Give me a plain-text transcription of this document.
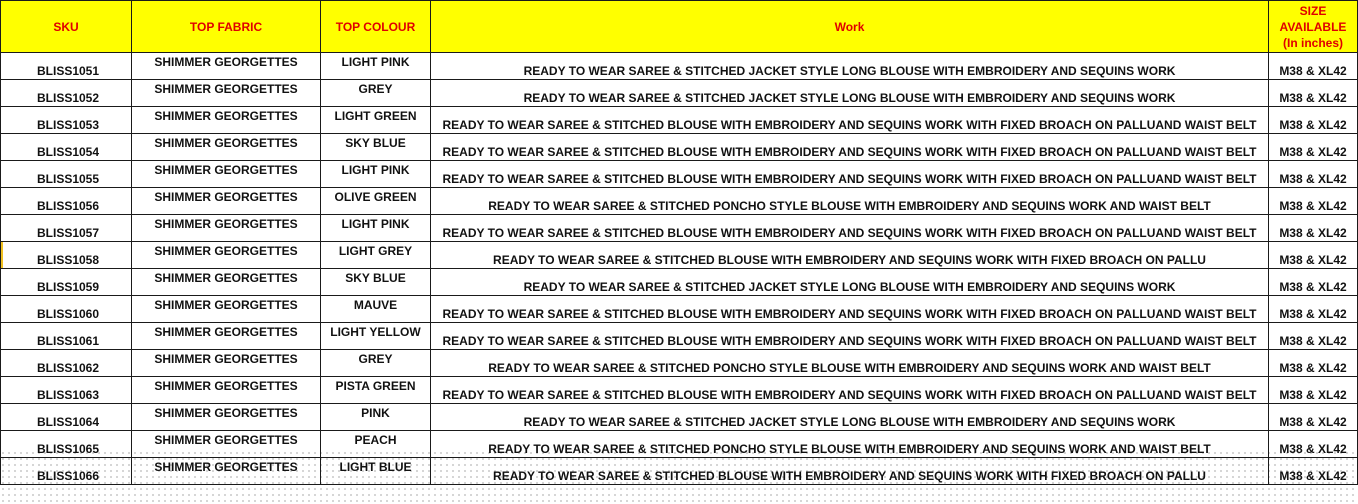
SKU	TOP FABRIC	TOP COLOUR	Work	SIZE
AVAILABLE
(In inches)

BLISS1051	SHIMMER GEORGETTES	LIGHT PINK	READY TO WEAR SAREE & STITCHED JACKET STYLE LONG BLOUSE WITH EMBROIDERY AND SEQUINS WORK	M38 & XL42
BLISS1052	SHIMMER GEORGETTES	GREY	READY TO WEAR SAREE & STITCHED JACKET STYLE LONG BLOUSE WITH EMBROIDERY AND SEQUINS WORK	M38 & XL42
BLISS1053	SHIMMER GEORGETTES	LIGHT GREEN	READY TO WEAR SAREE & STITCHED BLOUSE WITH EMBROIDERY AND SEQUINS WORK WITH FIXED BROACH ON PALLUAND WAIST BELT	M38 & XL42
BLISS1054	SHIMMER GEORGETTES	SKY BLUE	READY TO WEAR SAREE & STITCHED BLOUSE WITH EMBROIDERY AND SEQUINS WORK WITH FIXED BROACH ON PALLUAND WAIST BELT	M38 & XL42
BLISS1055	SHIMMER GEORGETTES	LIGHT PINK	READY TO WEAR SAREE & STITCHED BLOUSE WITH EMBROIDERY AND SEQUINS WORK WITH FIXED BROACH ON PALLUAND WAIST BELT	M38 & XL42
BLISS1056	SHIMMER GEORGETTES	OLIVE GREEN	READY TO WEAR SAREE & STITCHED PONCHO STYLE BLOUSE WITH EMBROIDERY AND SEQUINS WORK AND WAIST BELT	M38 & XL42
BLISS1057	SHIMMER GEORGETTES	LIGHT PINK	READY TO WEAR SAREE & STITCHED BLOUSE WITH EMBROIDERY AND SEQUINS WORK WITH FIXED BROACH ON PALLUAND WAIST BELT	M38 & XL42
BLISS1058	SHIMMER GEORGETTES	LIGHT GREY	READY TO WEAR SAREE & STITCHED BLOUSE WITH EMBROIDERY AND SEQUINS WORK WITH FIXED BROACH ON PALLU	M38 & XL42
BLISS1059	SHIMMER GEORGETTES	SKY BLUE	READY TO WEAR SAREE & STITCHED JACKET STYLE LONG BLOUSE WITH EMBROIDERY AND SEQUINS WORK	M38 & XL42
BLISS1060	SHIMMER GEORGETTES	MAUVE	READY TO WEAR SAREE & STITCHED BLOUSE WITH EMBROIDERY AND SEQUINS WORK WITH FIXED BROACH ON PALLUAND WAIST BELT	M38 & XL42
BLISS1061	SHIMMER GEORGETTES	LIGHT YELLOW	READY TO WEAR SAREE & STITCHED BLOUSE WITH EMBROIDERY AND SEQUINS WORK WITH FIXED BROACH ON PALLUAND WAIST BELT	M38 & XL42
BLISS1062	SHIMMER GEORGETTES	GREY	READY TO WEAR SAREE & STITCHED PONCHO STYLE BLOUSE WITH EMBROIDERY AND SEQUINS WORK AND WAIST BELT	M38 & XL42
BLISS1063	SHIMMER GEORGETTES	PISTA GREEN	READY TO WEAR SAREE & STITCHED BLOUSE WITH EMBROIDERY AND SEQUINS WORK WITH FIXED BROACH ON PALLUAND WAIST BELT	M38 & XL42
BLISS1064	SHIMMER GEORGETTES	PINK	READY TO WEAR SAREE & STITCHED JACKET STYLE LONG BLOUSE WITH EMBROIDERY AND SEQUINS WORK	M38 & XL42
BLISS1065	SHIMMER GEORGETTES	PEACH	READY TO WEAR SAREE & STITCHED PONCHO STYLE BLOUSE WITH EMBROIDERY AND SEQUINS WORK AND WAIST BELT	M38 & XL42
BLISS1066	SHIMMER GEORGETTES	LIGHT BLUE	READY TO WEAR SAREE & STITCHED BLOUSE WITH EMBROIDERY AND SEQUINS WORK WITH FIXED BROACH ON PALLU	M38 & XL42
